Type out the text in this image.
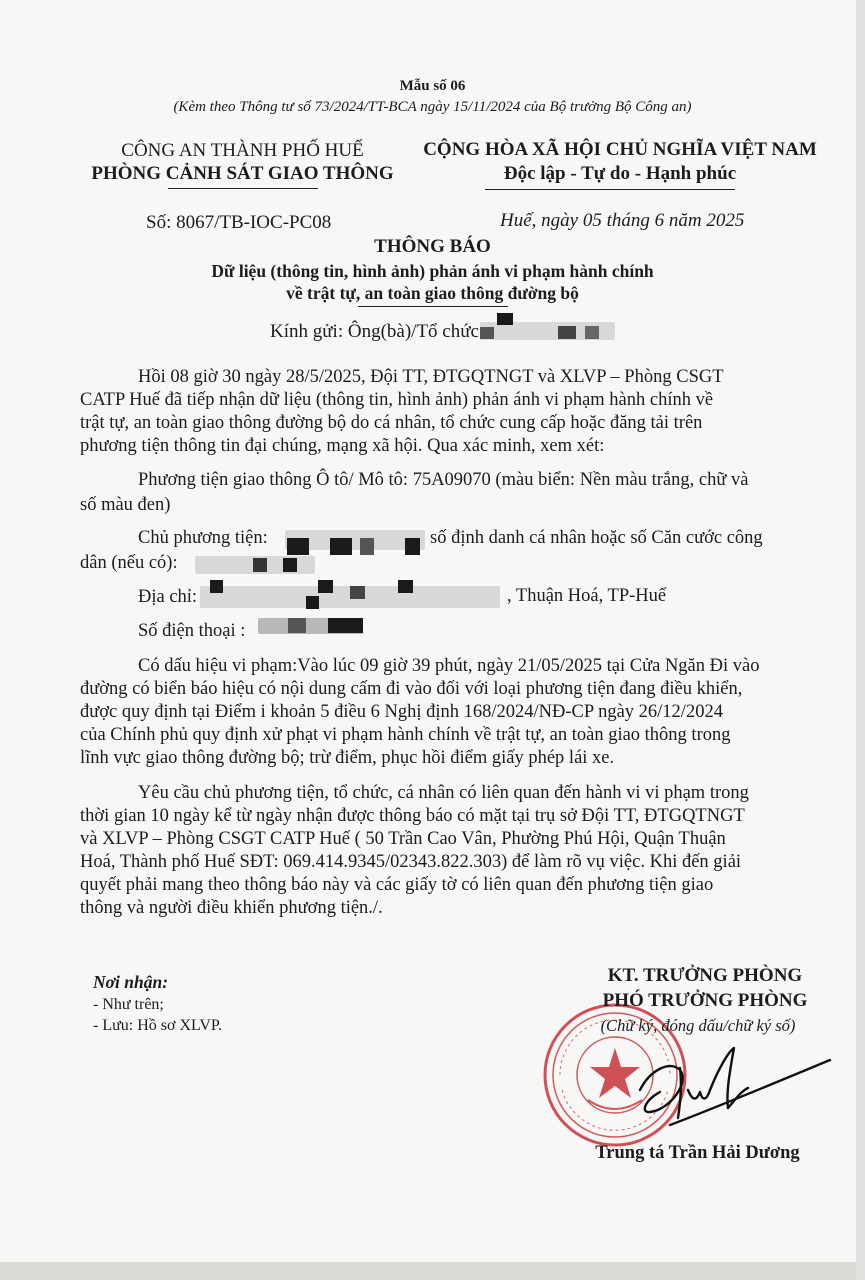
Mẫu số 06
(Kèm theo Thông tư số 73/2024/TT-BCA ngày 15/11/2024 của Bộ trưởng Bộ Công an)
CÔNG AN THÀNH PHỐ HUẾ
PHÒNG CẢNH SÁT GIAO THÔNG
CỘNG HÒA XÃ HỘI CHỦ NGHĨA VIỆT NAM
Độc lập - Tự do - Hạnh phúc
Số: 8067/TB-IOC-PC08	Huế, ngày 05 tháng 6 năm 2025
THÔNG BÁO
Dữ liệu (thông tin, hình ảnh) phản ánh vi phạm hành chính
về trật tự, an toàn giao thông đường bộ
Kính gửi: Ông(bà)/Tổ chức
Hồi 08 giờ 30 ngày 28/5/2025, Đội TT, ĐTGQTNGT và XLVP – Phòng CSGT
CATP Huế đã tiếp nhận dữ liệu (thông tin, hình ảnh) phản ánh vi phạm hành chính về
trật tự, an toàn giao thông đường bộ do cá nhân, tổ chức cung cấp hoặc đăng tải trên
phương tiện thông tin đại chúng, mạng xã hội. Qua xác minh, xem xét:
Phương tiện giao thông Ô tô/ Mô tô: 75A09070 (màu biển: Nền màu trắng, chữ và
số màu đen)
Chủ phương tiện:	số định danh cá nhân hoặc số Căn cước công
dân (nếu có):
Địa chỉ:	, Thuận Hoá, TP-Huế
Số điện thoại :
Có dấu hiệu vi phạm:Vào lúc 09 giờ 39 phút, ngày 21/05/2025 tại Cửa Ngăn Đi vào
đường có biển báo hiệu có nội dung cấm đi vào đối với loại phương tiện đang điều khiển,
được quy định tại Điểm i khoản 5 điều 6 Nghị định 168/2024/NĐ-CP ngày 26/12/2024
của Chính phủ quy định xử phạt vi phạm hành chính về trật tự, an toàn giao thông trong
lĩnh vực giao thông đường bộ; trừ điểm, phục hồi điểm giấy phép lái xe.
Yêu cầu chủ phương tiện, tổ chức, cá nhân có liên quan đến hành vi vi phạm trong
thời gian 10 ngày kể từ ngày nhận được thông báo có mặt tại trụ sở Đội TT, ĐTGQTNGT
và XLVP – Phòng CSGT CATP Huế ( 50 Trần Cao Vân, Phường Phú Hội, Quận Thuận
Hoá, Thành phố Huế SĐT: 069.414.9345/02343.822.303) để làm rõ vụ việc. Khi đến giải
quyết phải mang theo thông báo này và các giấy tờ có liên quan đến phương tiện giao
thông và người điều khiển phương tiện./.
Nơi nhận:
- Như trên;
- Lưu: Hồ sơ XLVP.
KT. TRƯỞNG PHÒNG
PHÓ TRƯỞNG PHÒNG
(Chữ ký, đóng dấu/chữ ký số)
Trung tá Trần Hải Dương
